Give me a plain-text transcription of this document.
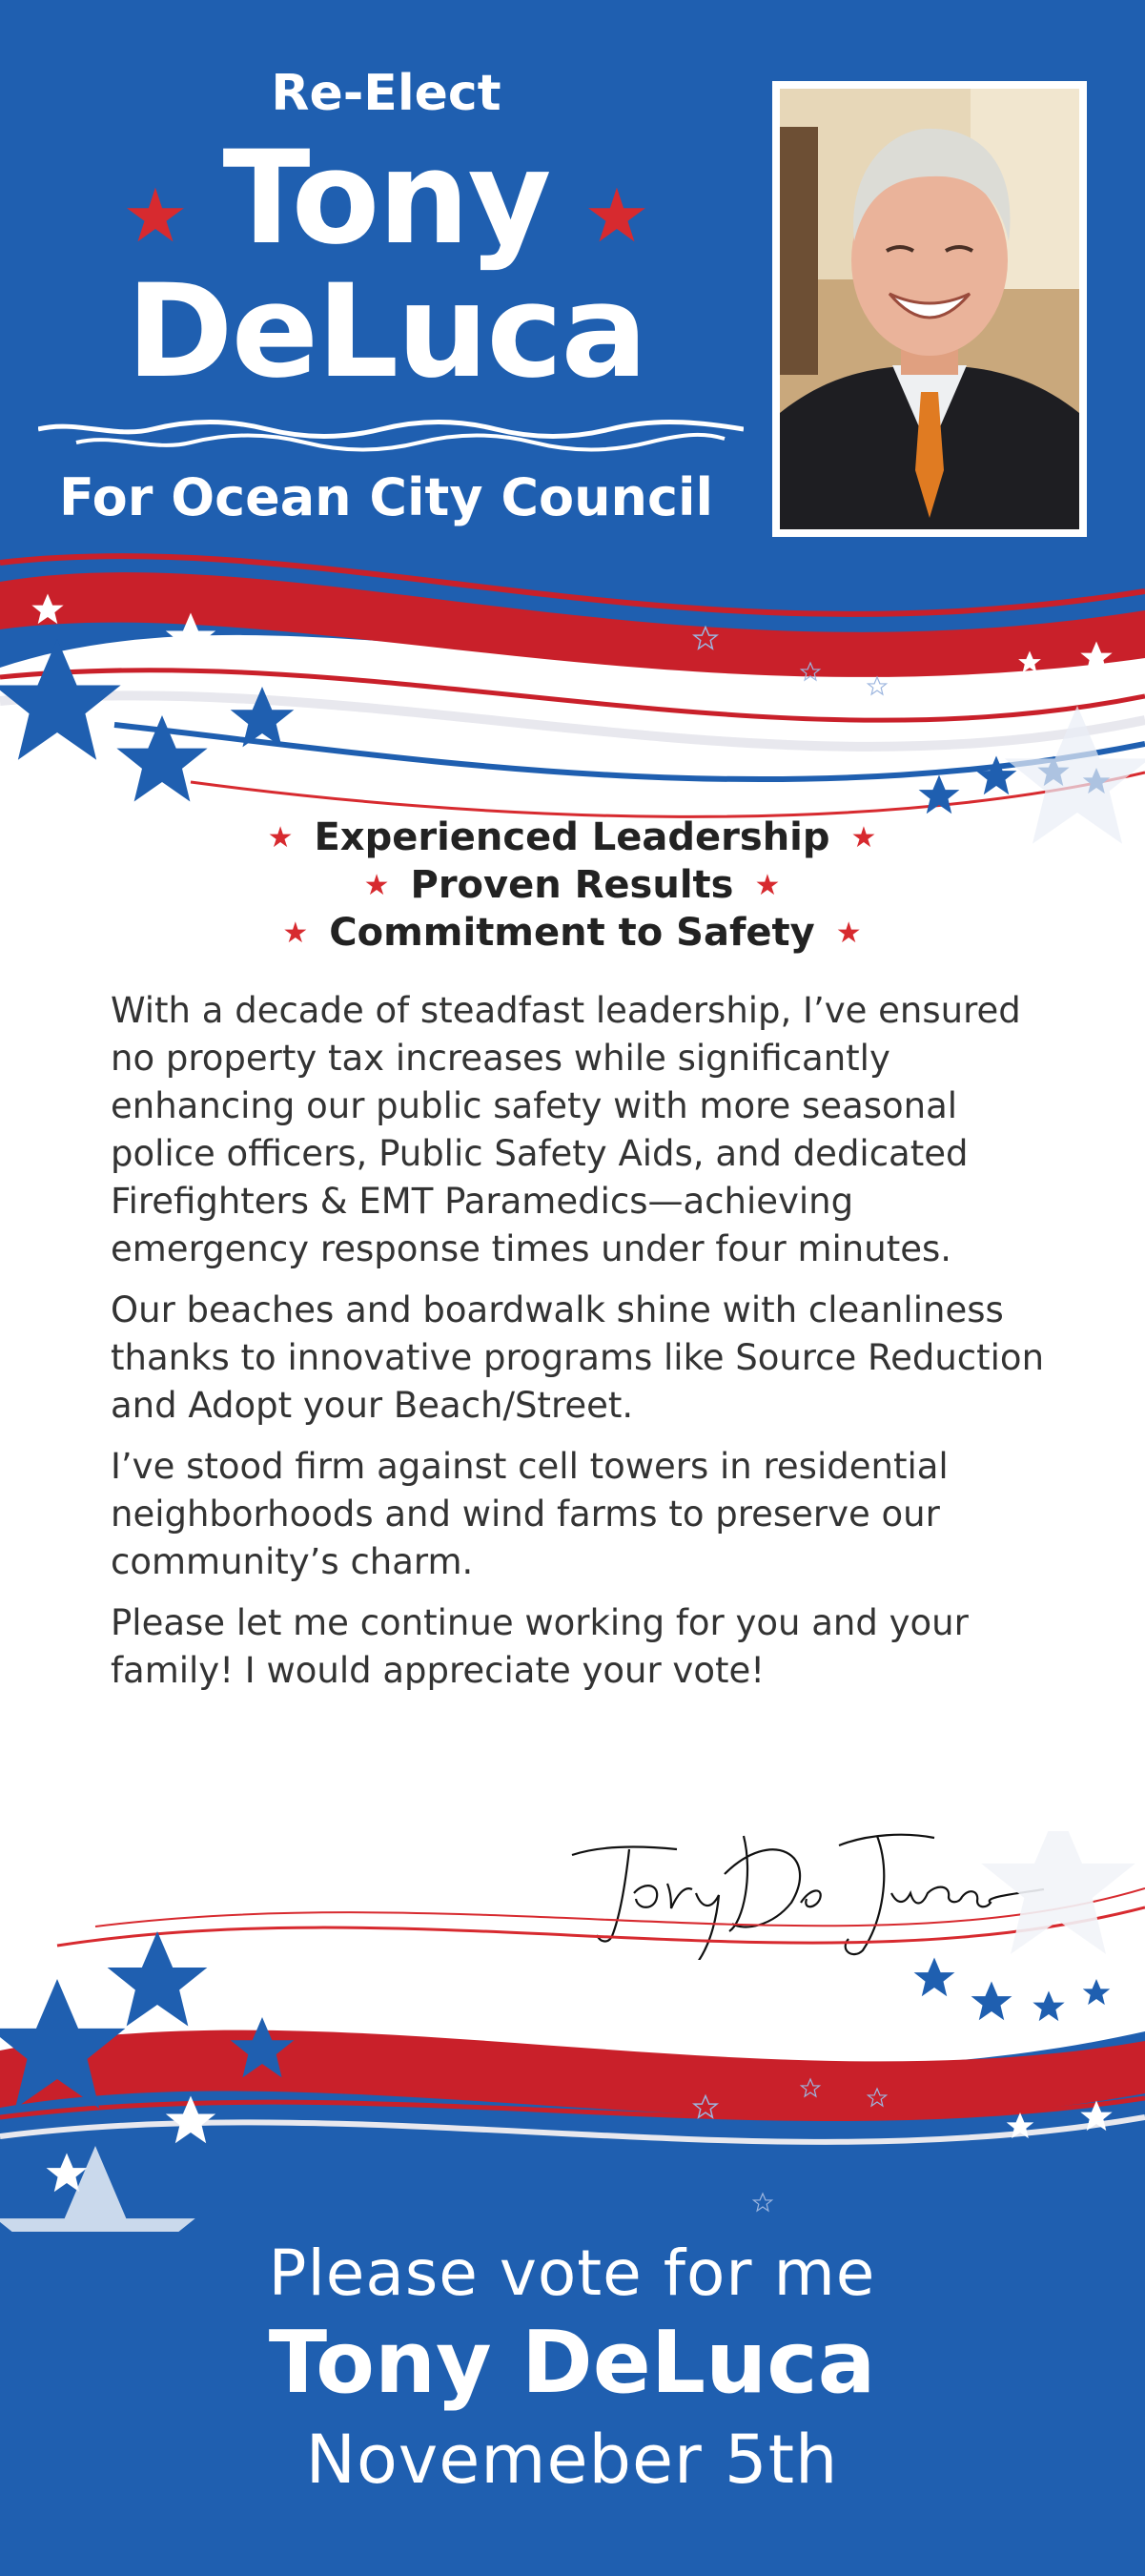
Re-Elect
Tony
★	★
DeLuca
For Ocean City Council
★ Experienced Leadership ★
★ Proven Results ★
★ Commitment to Safety ★

With a decade of steadfast leadership, I’ve ensured no property tax increases while significantly enhancing our public safety with more seasonal police officers, Public Safety Aids, and dedicated Firefighters & EMT Paramedics—achieving emergency response times under four minutes.

Our beaches and boardwalk shine with cleanliness thanks to innovative programs like Source Reduction and Adopt your Beach/Street.

I’ve stood firm against cell towers in residential neighborhoods and wind farms to preserve our community’s charm.

Please let me continue working for you and your family! I would appreciate your vote!

Please vote for me
Tony DeLuca
Novemeber 5th
